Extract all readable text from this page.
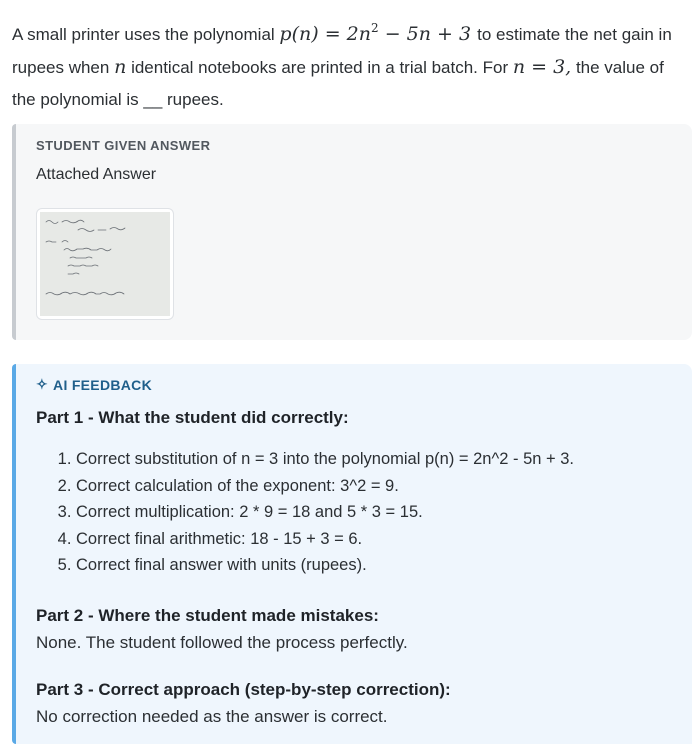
A small printer uses the polynomial $p(n) = 2n^2 - 5n + 3$ to estimate the net gain in rupees when n identical notebooks are printed in a trial batch. For n = 3, the value of the polynomial is __ rupees.
STUDENT GIVEN ANSWER
Attached Answer
✧ AI FEEDBACK
Part 1 - What the student did correctly:
1. Correct substitution of n = 3 into the polynomial p(n) = 2n^2 - 5n + 3.
2. Correct calculation of the exponent: 3^2 = 9.
3. Correct multiplication: 2 * 9 = 18 and 5 * 3 = 15.
4. Correct final arithmetic: 18 - 15 + 3 = 6.
5. Correct final answer with units (rupees).
Part 2 - Where the student made mistakes:
None. The student followed the process perfectly.
Part 3 - Correct approach (step-by-step correction):
No correction needed as the answer is correct.
